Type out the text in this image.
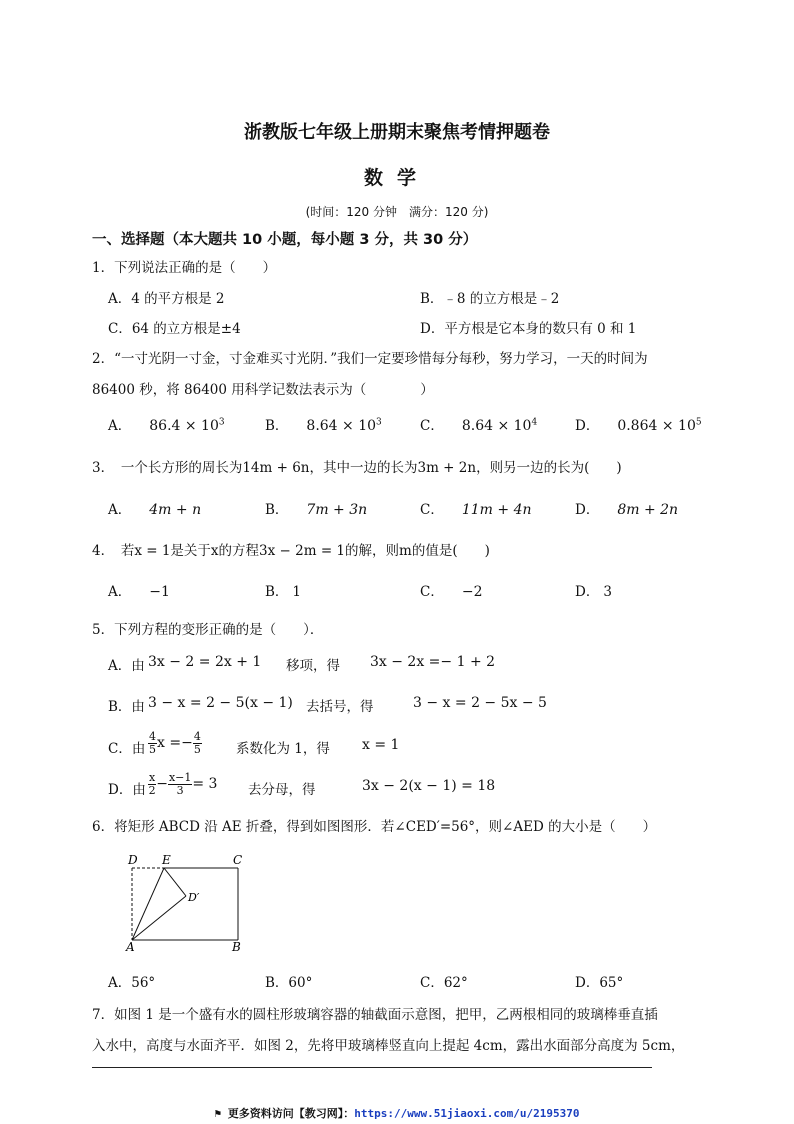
浙教版七年级上册期末聚焦考情押题卷
数学
(时间：120 分钟　满分：120 分)
一、选择题（本大题共 10 小题，每小题 3 分，共 30 分）
1．下列说法正确的是（　　）
A．4 的平方根是 2	B．﹣8 的立方根是﹣2
C．64 的立方根是±4	D．平方根是它本身的数只有 0 和 1
2．“一寸光阴一寸金，寸金难买寸光阴．”我们一定要珍惜每分每秒，努力学习，一天的时间为
86400 秒，将 86400 用科学记数法表示为（　　　　）
A． $86.4 \times 10^3$	B． $8.64 \times 10^3$	C． $8.64 \times 10^4$	D． $0.864 \times 10^5$
3．　一个长方形的周长为14m + 6n，其中一边的长为3m + 2n，则另一边的长为(　　)
A． 4m + n	B． 7m + 3n	C． 11m + 4n	D． 8m + 2n
4．　若x = 1是关于x的方程3x − 2m = 1的解，则m的值是(　　)
A． −1	B． 1	C． −2	D． 3
5．下列方程的变形正确的是（　　）．
A．由 3x − 2 = 2x + 1 移项，得 3x − 2x =− 1 + 2
B．由 3 − x = 2 − 5(x − 1) 去括号，得	3 − x = 2 − 5x − 5
C．由 $\frac{4}{5}$ $x =- \frac{4}{5}$	系数化为 1，得 x = 1
D．由 $\frac{x}{2} - \frac{x-1}{3} = 3$ 去分母，得	3x − 2(x − 1) = 18
6．将矩形 ABCD 沿 AE 折叠，得到如图图形．若∠CED′=56°，则∠AED 的大小是（　　）
D E	C
D′
A	B
A．56°	B．60°	C．62°	D．65°
7．如图 1 是一个盛有水的圆柱形玻璃容器的轴截面示意图，把甲，乙两根相同的玻璃棒垂直插
入水中，高度与水面齐平．如图 2，先将甲玻璃棒竖直向上提起 4cm，露出水面部分高度为 5cm，
⚑ 更多资料访问【教习网】：https://www.51jiaoxi.com/u/2195370
